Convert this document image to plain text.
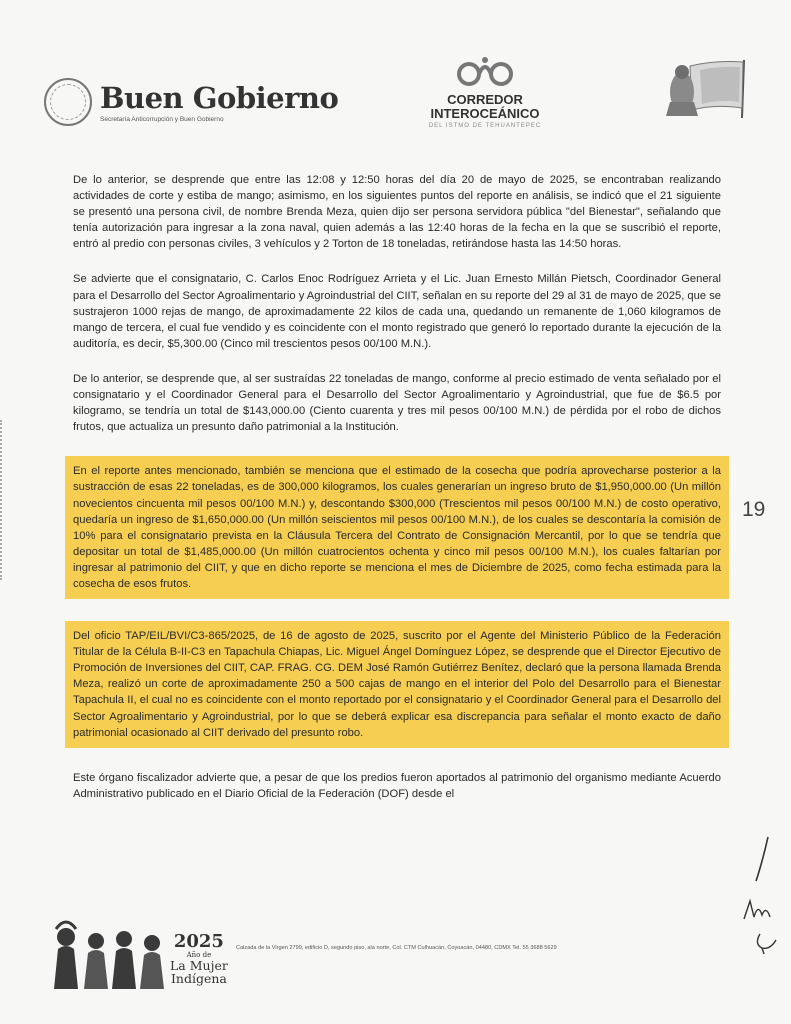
Buen Gobierno
Secretaría Anticorrupción y Buen Gobierno
CORREDOR
INTEROCEÁNICO
DEL ISTMO DE TEHUANTEPEC
19

De lo anterior, se desprende que entre las 12:08 y 12:50 horas del día 20 de mayo de 2025, se encontraban realizando actividades de corte y estiba de mango; asimismo, en los siguientes puntos del reporte en análisis, se indicó que el 21 siguiente se presentó una persona civil, de nombre Brenda Meza, quien dijo ser persona servidora pública "del Bienestar", señalando que tenía autorización para ingresar a la zona naval, quien además a las 12:40 horas de la fecha en la que se suscribió el reporte, entró al predio con personas civiles, 3 vehículos y 2 Torton de 18 toneladas, retirándose hasta las 14:50 horas.

Se advierte que el consignatario, C. Carlos Enoc Rodríguez Arrieta y el Lic. Juan Ernesto Millán Pietsch, Coordinador General para el Desarrollo del Sector Agroalimentario y Agroindustrial del CIIT, señalan en su reporte del 29 al 31 de mayo de 2025, que se sustrajeron 1000 rejas de mango, de aproximadamente 22 kilos de cada una, quedando un remanente de 1,060 kilogramos de mango de tercera, el cual fue vendido y es coincidente con el monto registrado que generó lo reportado durante la ejecución de la auditoría, es decir, $5,300.00 (Cinco mil trescientos pesos 00/100 M.N.).

De lo anterior, se desprende que, al ser sustraídas 22 toneladas de mango, conforme al precio estimado de venta señalado por el consignatario y el Coordinador General para el Desarrollo del Sector Agroalimentario y Agroindustrial, que fue de $6.5 por kilogramo, se tendría un total de $143,000.00 (Ciento cuarenta y tres mil pesos 00/100 M.N.) de pérdida por el robo de dichos frutos, que actualiza un presunto daño patrimonial a la Institución.

En el reporte antes mencionado, también se menciona que el estimado de la cosecha que podría aprovecharse posterior a la sustracción de esas 22 toneladas, es de 300,000 kilogramos, los cuales generarían un ingreso bruto de $1,950,000.00 (Un millón novecientos cincuenta mil pesos 00/100 M.N.) y, descontando $300,000 (Trescientos mil pesos 00/100 M.N.) de costo operativo, quedaría un ingreso de $1,650,000.00 (Un millón seiscientos mil pesos 00/100 M.N.), de los cuales se descontaría la comisión de 10% para el consignatario prevista en la Cláusula Tercera del Contrato de Consignación Mercantil, por lo que se tendría que depositar un total de $1,485,000.00 (Un millón cuatrocientos ochenta y cinco mil pesos 00/100 M.N.), los cuales faltarían por ingresar al patrimonio del CIIT, y que en dicho reporte se menciona el mes de Diciembre de 2025, como fecha estimada para la cosecha de esos frutos.

Del oficio TAP/EIL/BVI/C3-865/2025, de 16 de agosto de 2025, suscrito por el Agente del Ministerio Público de la Federación Titular de la Célula B-II-C3 en Tapachula Chiapas, Lic. Miguel Ángel Domínguez López, se desprende que el Director Ejecutivo de Promoción de Inversiones del CIIT, CAP. FRAG. CG. DEM José Ramón Gutiérrez Benítez, declaró que la persona llamada Brenda Meza, realizó un corte de aproximadamente 250 a 500 cajas de mango en el interior del Polo del Desarrollo para el Bienestar Tapachula II, el cual no es coincidente con el monto reportado por el consignatario y el Coordinador General para el Desarrollo del Sector Agroalimentario y Agroindustrial, por lo que se deberá explicar esa discrepancia para señalar el monto exacto de daño patrimonial ocasionado al CIIT derivado del presunto robo.

Este órgano fiscalizador advierte que, a pesar de que los predios fueron aportados al patrimonio del organismo mediante Acuerdo Administrativo publicado en el Diario Oficial de la Federación (DOF) desde el

2025
Año de
La Mujer
Indígena
Calzada de la Virgen 2799, edificio D, segundo piso, ala norte, Col. CTM Culhuacán, Coyoacán, 04480, CDMX Tel. 55 3688 5629
